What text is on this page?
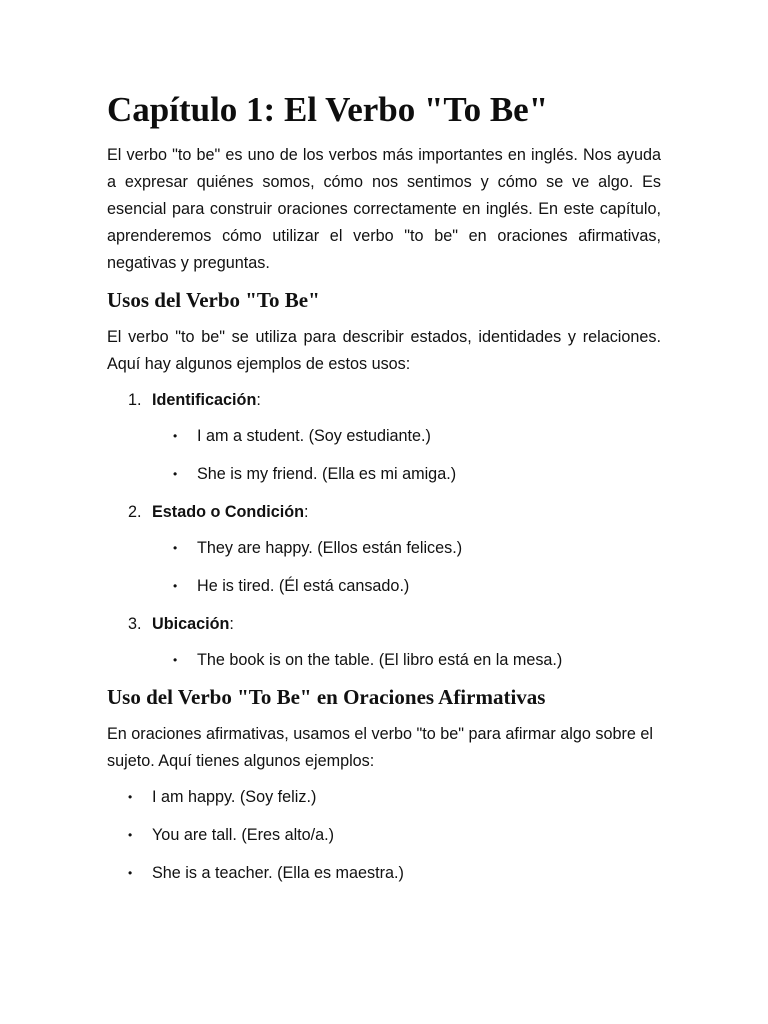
Capítulo 1: El Verbo "To Be"

El verbo "to be" es uno de los verbos más importantes en inglés. Nos ayuda a expresar quiénes somos, cómo nos sentimos y cómo se ve algo. Es esencial para construir oraciones correctamente en inglés. En este capítulo, aprenderemos cómo utilizar el verbo "to be" en oraciones afirmativas, negativas y preguntas.

Usos del Verbo "To Be"

El verbo "to be" se utiliza para describir estados, identidades y relaciones. Aquí hay algunos ejemplos de estos usos:

1. Identificación:
• I am a student. (Soy estudiante.)
• She is my friend. (Ella es mi amiga.)
2. Estado o Condición:
• They are happy. (Ellos están felices.)
• He is tired. (Él está cansado.)
3. Ubicación:
• The book is on the table. (El libro está en la mesa.)
Uso del Verbo "To Be" en Oraciones Afirmativas

En oraciones afirmativas, usamos el verbo "to be" para afirmar algo sobre el sujeto. Aquí tienes algunos ejemplos:

• I am happy. (Soy feliz.)
• You are tall. (Eres alto/a.)
• She is a teacher. (Ella es maestra.)
